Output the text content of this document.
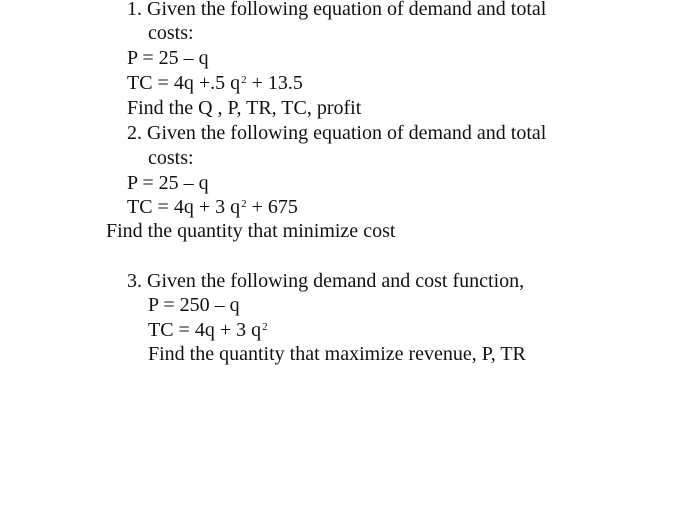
1. Given the following equation of demand and total
costs:
P = 25 – q
TC = 4q +.5 $q^2 + 13.5$
Find the Q , P, TR, TC, profit
2. Given the following equation of demand and total
costs:
P = 25 – q
TC = 4q + 3 $q^2 + 675$
Find the quantity that minimize cost
3. Given the following demand and cost function,
P = 250 – q
TC = 4q + 3 $q^2$
Find the quantity that maximize revenue, P, TR
